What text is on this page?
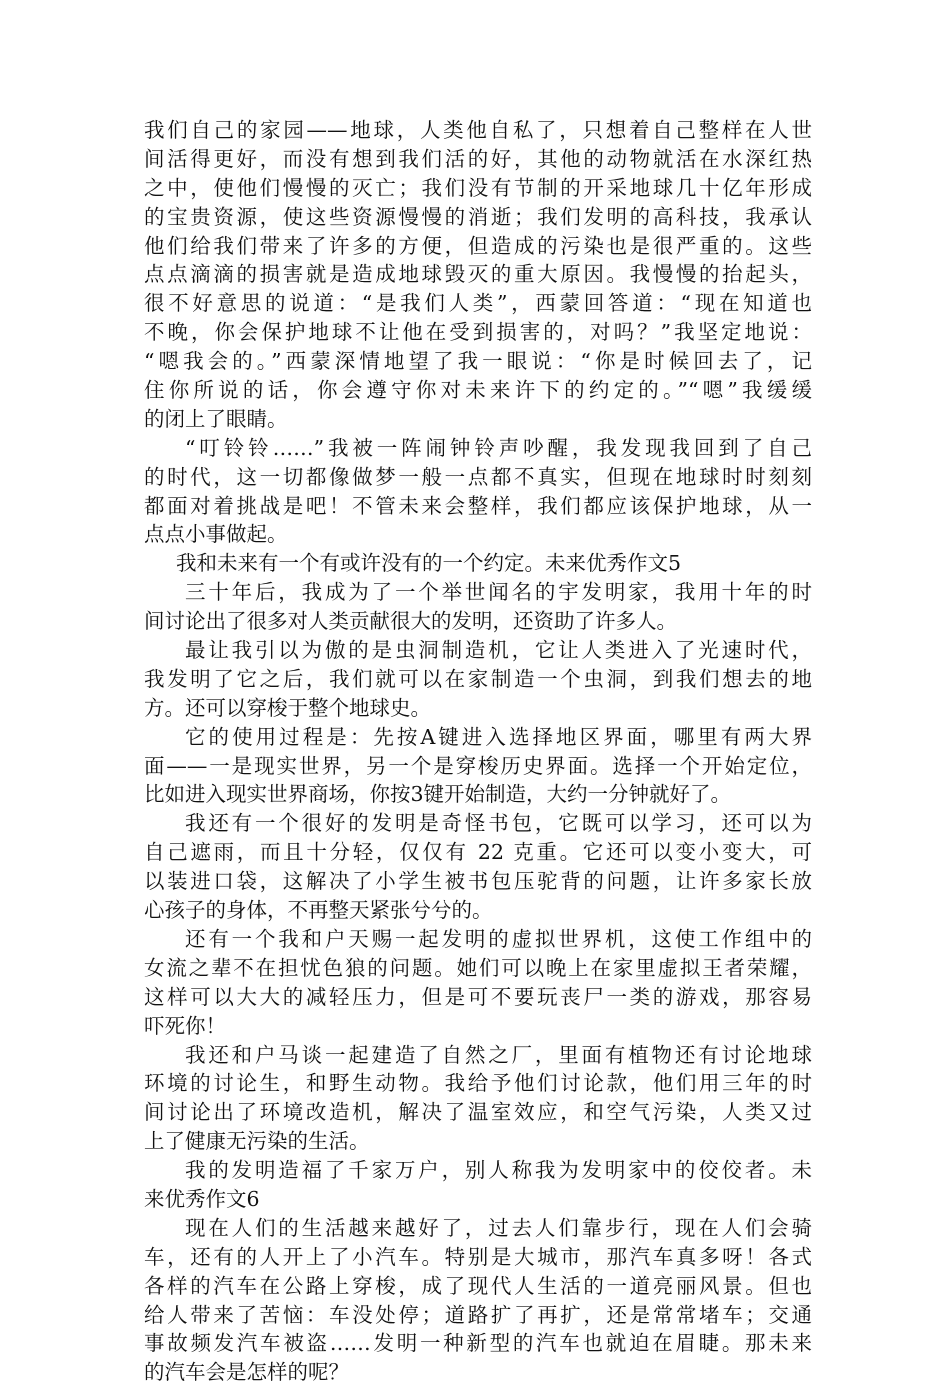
我们自己的家园——地球，人类他自私了，只想着自己整样在人世
间活得更好，而没有想到我们活的好，其他的动物就活在水深红热
之中，使他们慢慢的灭亡；我们没有节制的开采地球几十亿年形成
的宝贵资源，使这些资源慢慢的消逝；我们发明的高科技，我承认
他们给我们带来了许多的方便，但造成的污染也是很严重的。这些
点点滴滴的损害就是造成地球毁灭的重大原因。我慢慢的抬起头，
很不好意思的说道：“是我们人类”，西蒙回答道：“现在知道也
不晚，你会保护地球不让他在受到损害的，对吗？”我坚定地说：
“嗯我会的。”西蒙深情地望了我一眼说：“你是时候回去了，记
住你所说的话，你会遵守你对未来许下的约定的。”“嗯”我缓缓
的闭上了眼睛。
“叮铃铃……”我被一阵闹钟铃声吵醒，我发现我回到了自己
的时代，这一切都像做梦一般一点都不真实，但现在地球时时刻刻
都面对着挑战是吧！不管未来会整样，我们都应该保护地球，从一
点点小事做起。
我和未来有一个有或许没有的一个约定。未来优秀作文5
三十年后，我成为了一个举世闻名的宇发明家，我用十年的时
间讨论出了很多对人类贡献很大的发明，还资助了许多人。
最让我引以为傲的是虫洞制造机，它让人类进入了光速时代，
我发明了它之后，我们就可以在家制造一个虫洞，到我们想去的地
方。还可以穿梭于整个地球史。
它的使用过程是：先按A键进入选择地区界面，哪里有两大界
面——一是现实世界，另一个是穿梭历史界面。选择一个开始定位，
比如进入现实世界商场，你按3键开始制造，大约一分钟就好了。
我还有一个很好的发明是奇怪书包，它既可以学习，还可以为
自己遮雨，而且十分轻，仅仅有 22 克重。它还可以变小变大，可
以装进口袋，这解决了小学生被书包压驼背的问题，让许多家长放
心孩子的身体，不再整天紧张兮兮的。
还有一个我和户天赐一起发明的虚拟世界机，这使工作组中的
女流之辈不在担忧色狼的问题。她们可以晚上在家里虚拟王者荣耀，
这样可以大大的减轻压力，但是可不要玩丧尸一类的游戏，那容易
吓死你！
我还和户马谈一起建造了自然之厂，里面有植物还有讨论地球
环境的讨论生，和野生动物。我给予他们讨论款，他们用三年的时
间讨论出了环境改造机，解决了温室效应，和空气污染，人类又过
上了健康无污染的生活。
我的发明造福了千家万户，别人称我为发明家中的佼佼者。未
来优秀作文6
现在人们的生活越来越好了，过去人们靠步行，现在人们会骑
车，还有的人开上了小汽车。特别是大城市，那汽车真多呀！各式
各样的汽车在公路上穿梭，成了现代人生活的一道亮丽风景。但也
给人带来了苦恼：车没处停；道路扩了再扩，还是常常堵车；交通
事故频发汽车被盗……发明一种新型的汽车也就迫在眉睫。那未来
的汽车会是怎样的呢？
